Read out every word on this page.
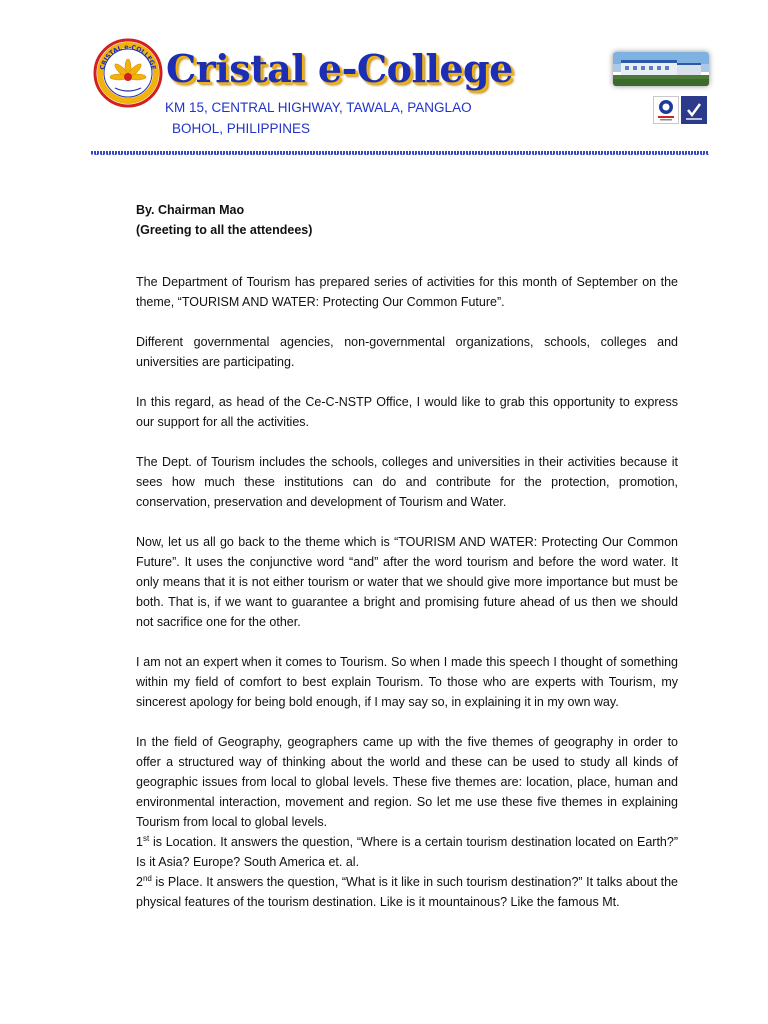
CRISTAL e-COLLEGE Cristal e-College
KM 15, CENTRAL HIGHWAY, TAWALA, PANGLAO
BOHOL, PHILIPPINES

By. Chairman Mao

(Greeting to all the attendees)

The Department of Tourism has prepared series of activities for this month of September on the theme, “TOURISM AND WATER: Protecting Our Common Future”.

Different governmental agencies, non-governmental organizations, schools, colleges and universities are participating.

In this regard, as head of the Ce-C-NSTP Office, I would like to grab this opportunity to express our support for all the activities.

The Dept. of Tourism includes the schools, colleges and universities in their activities because it sees how much these institutions can do and contribute for the protection, promotion, conservation, preservation and development of Tourism and Water.

Now, let us all go back to the theme which is “TOURISM AND WATER: Protecting Our Common Future”. It uses the conjunctive word “and” after the word tourism and before the word water. It only means that it is not either tourism or water that we should give more importance but must be both. That is, if we want to guarantee a bright and promising future ahead of us then we should not sacrifice one for the other.

I am not an expert when it comes to Tourism. So when I made this speech I thought of something within my field of comfort to best explain Tourism. To those who are experts with Tourism, my sincerest apology for being bold enough, if I may say so, in explaining it in my own way.

In the field of Geography, geographers came up with the five themes of geography in order to offer a structured way of thinking about the world and these can be used to study all kinds of geographic issues from local to global levels. These five themes are: location, place, human and environmental interaction, movement and region. So let me use these five themes in explaining Tourism from local to global levels.

1st is Location. It answers the question, “Where is a certain tourism destination located on Earth?” Is it Asia? Europe? South America et. al.

2nd is Place. It answers the question, “What is it like in such tourism destination?” It talks about the physical features of the tourism destination. Like is it mountainous? Like the famous Mt.
